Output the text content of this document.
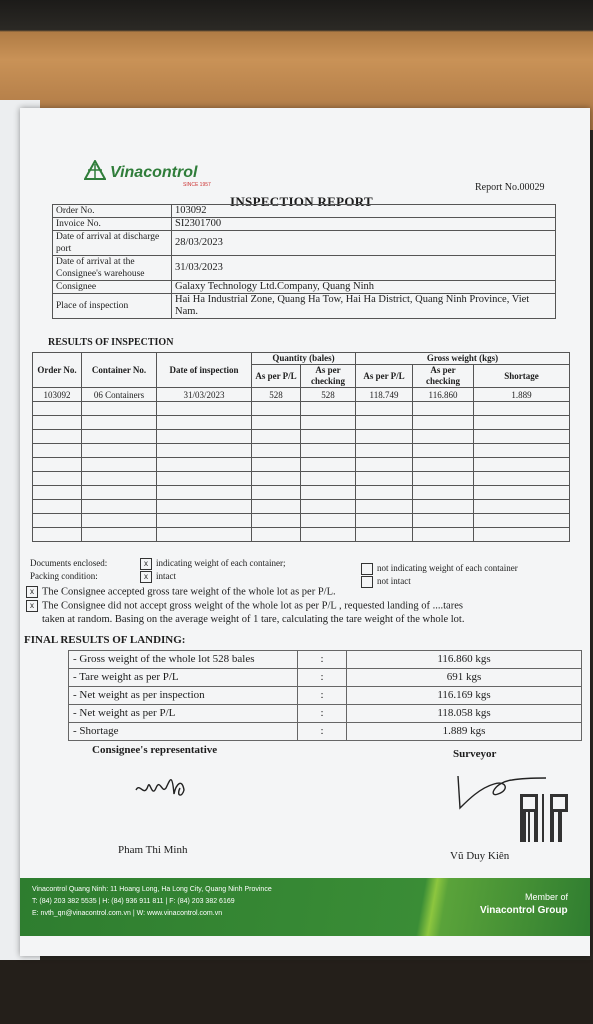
Vinacontrol
SINCE 1957	Report No.00029
INSPECTION REPORT
Order No.	103092
Invoice No.	SI2301700
Date of arrival at discharge port	28/03/2023
Date of arrival at the Consignee's warehouse	31/03/2023
Consignee	Galaxy Technology Ltd.Company, Quang Ninh
Place of inspection	Hai Ha Industrial Zone, Quang Ha Tow, Hai Ha District, Quang Ninh Province, Viet Nam.
RESULTS OF INSPECTION
Order No.	Container No.	Date of inspection	Quantity (bales)		Gross weight (kgs)		
			As per P/L	As per checking	As per P/L	As per checking	Shortage
103092	06 Containers	31/03/2023	528	528	118.749	116.860	1.889

Documents enclosed:	x indicating weight of each container;	not indicating weight of each container
Packing condition:	x intact	not intact
x The Consignee accepted gross tare weight of the whole lot as per P/L.
x The Consignee did not accept gross weight of the whole lot as per P/L , requested landing of ....tares
taken at random. Basing on the average weight of 1 tare, calculating the tare weight of the whole lot.
FINAL RESULTS OF LANDING:
- Gross weight of the whole lot 528 bales	:	116.860 kgs
- Tare weight as per P/L	:	691 kgs
- Net weight as per inspection	:	116.169 kgs
- Net weight as per P/L	:	118.058 kgs
- Shortage	:	1.889 kgs
Consignee's representative	Surveyor
Pham Thi Minh	Vũ Duy Kiên
Vinacontrol Quang Ninh: 11 Hoang Long, Ha Long City, Quang Ninh Province
T: (84) 203 382 5535 | H: (84) 936 911 811 | F: (84) 203 382 6169
E: nvth_qn@vinacontrol.com.vn | W: www.vinacontrol.com.vn
Member of
Vinacontrol Group
